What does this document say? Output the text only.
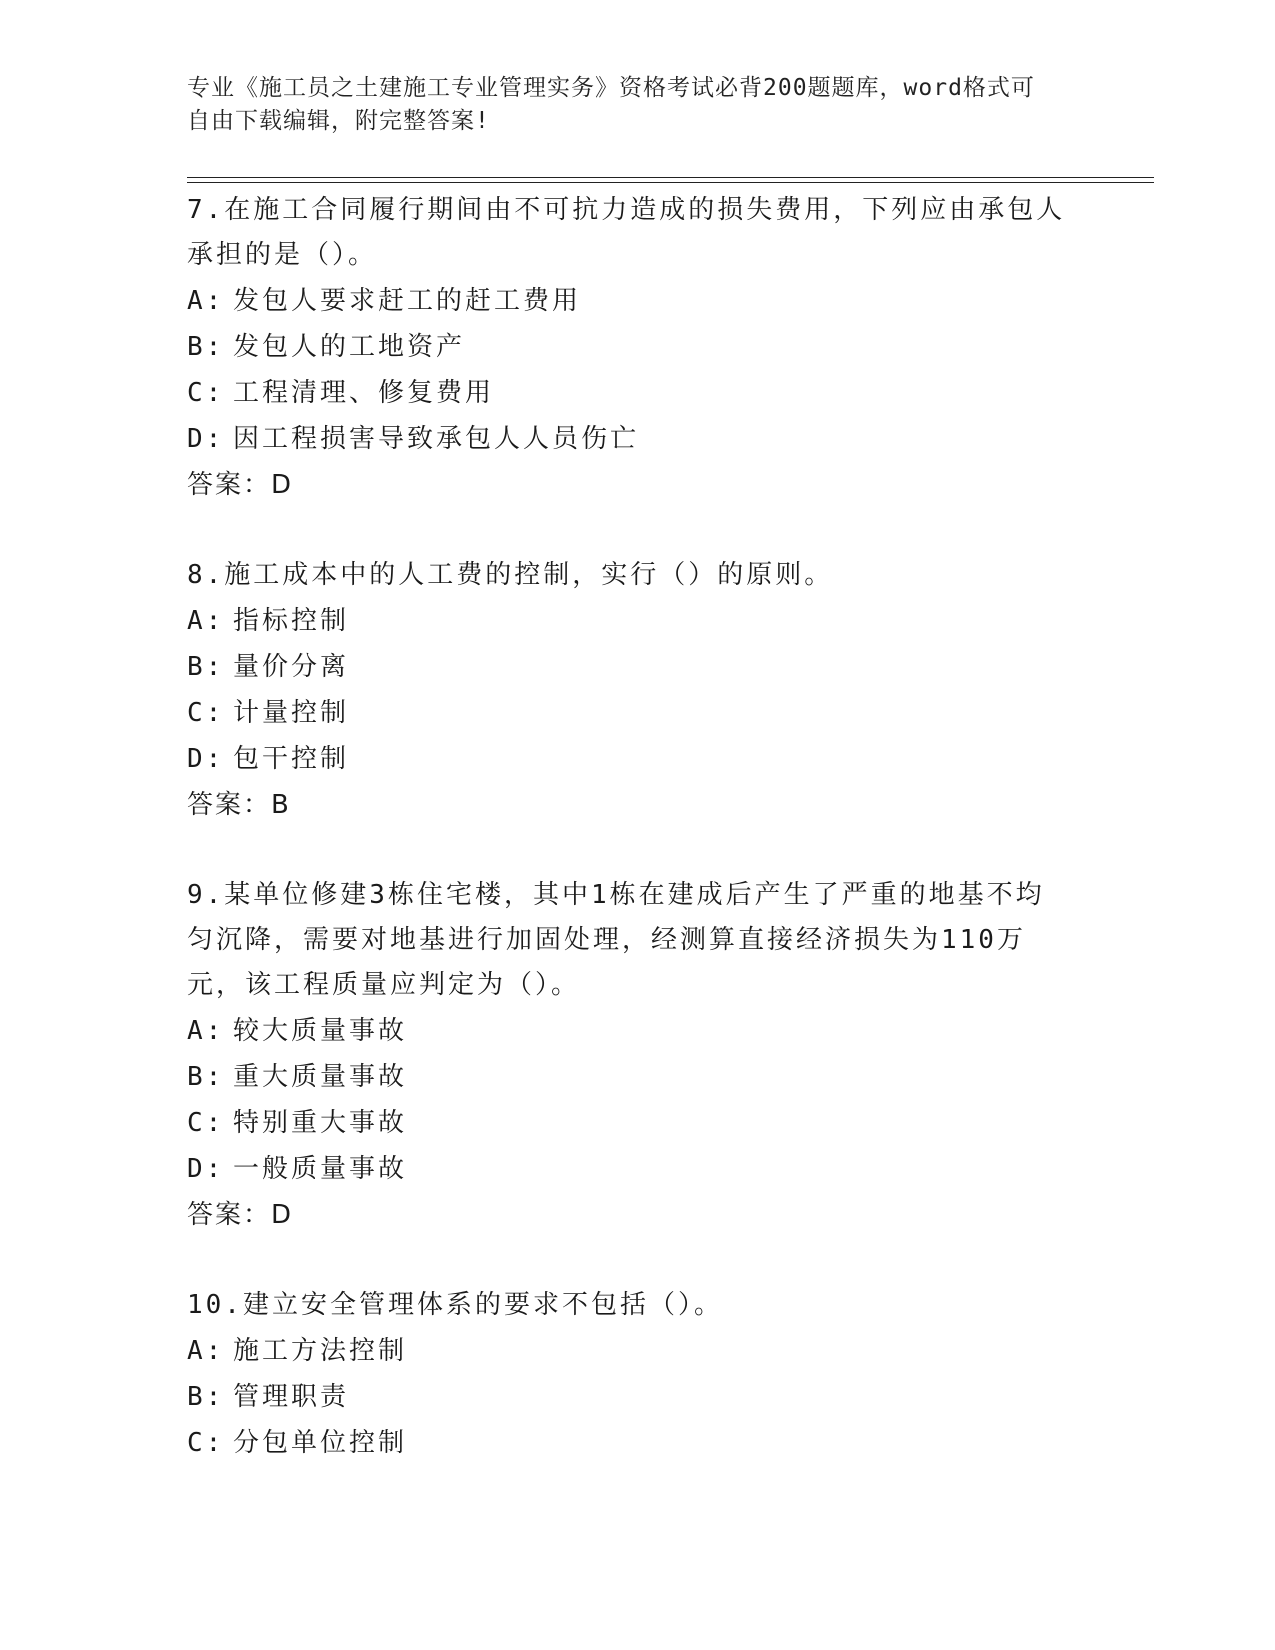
专业《施工员之土建施工专业管理实务》资格考试必背200题题库，word格式可
自由下载编辑，附完整答案!
7.在施工合同履行期间由不可抗力造成的损失费用，下列应由承包人承担的是（）。
A: 发包人要求赶工的赶工费用
B: 发包人的工地资产
C: 工程清理、修复费用
D: 因工程损害导致承包人人员伤亡
答案：D
8.施工成本中的人工费的控制，实行（）的原则。
A: 指标控制
B: 量价分离
C: 计量控制
D: 包干控制
答案：B
9.某单位修建3栋住宅楼，其中1栋在建成后产生了严重的地基不均匀沉降，需要对地基进行加固处理，经测算直接经济损失为110万元，该工程质量应判定为（）。
A: 较大质量事故
B: 重大质量事故
C: 特别重大事故
D: 一般质量事故
答案：D
10.建立安全管理体系的要求不包括（）。
A: 施工方法控制
B: 管理职责
C: 分包单位控制
